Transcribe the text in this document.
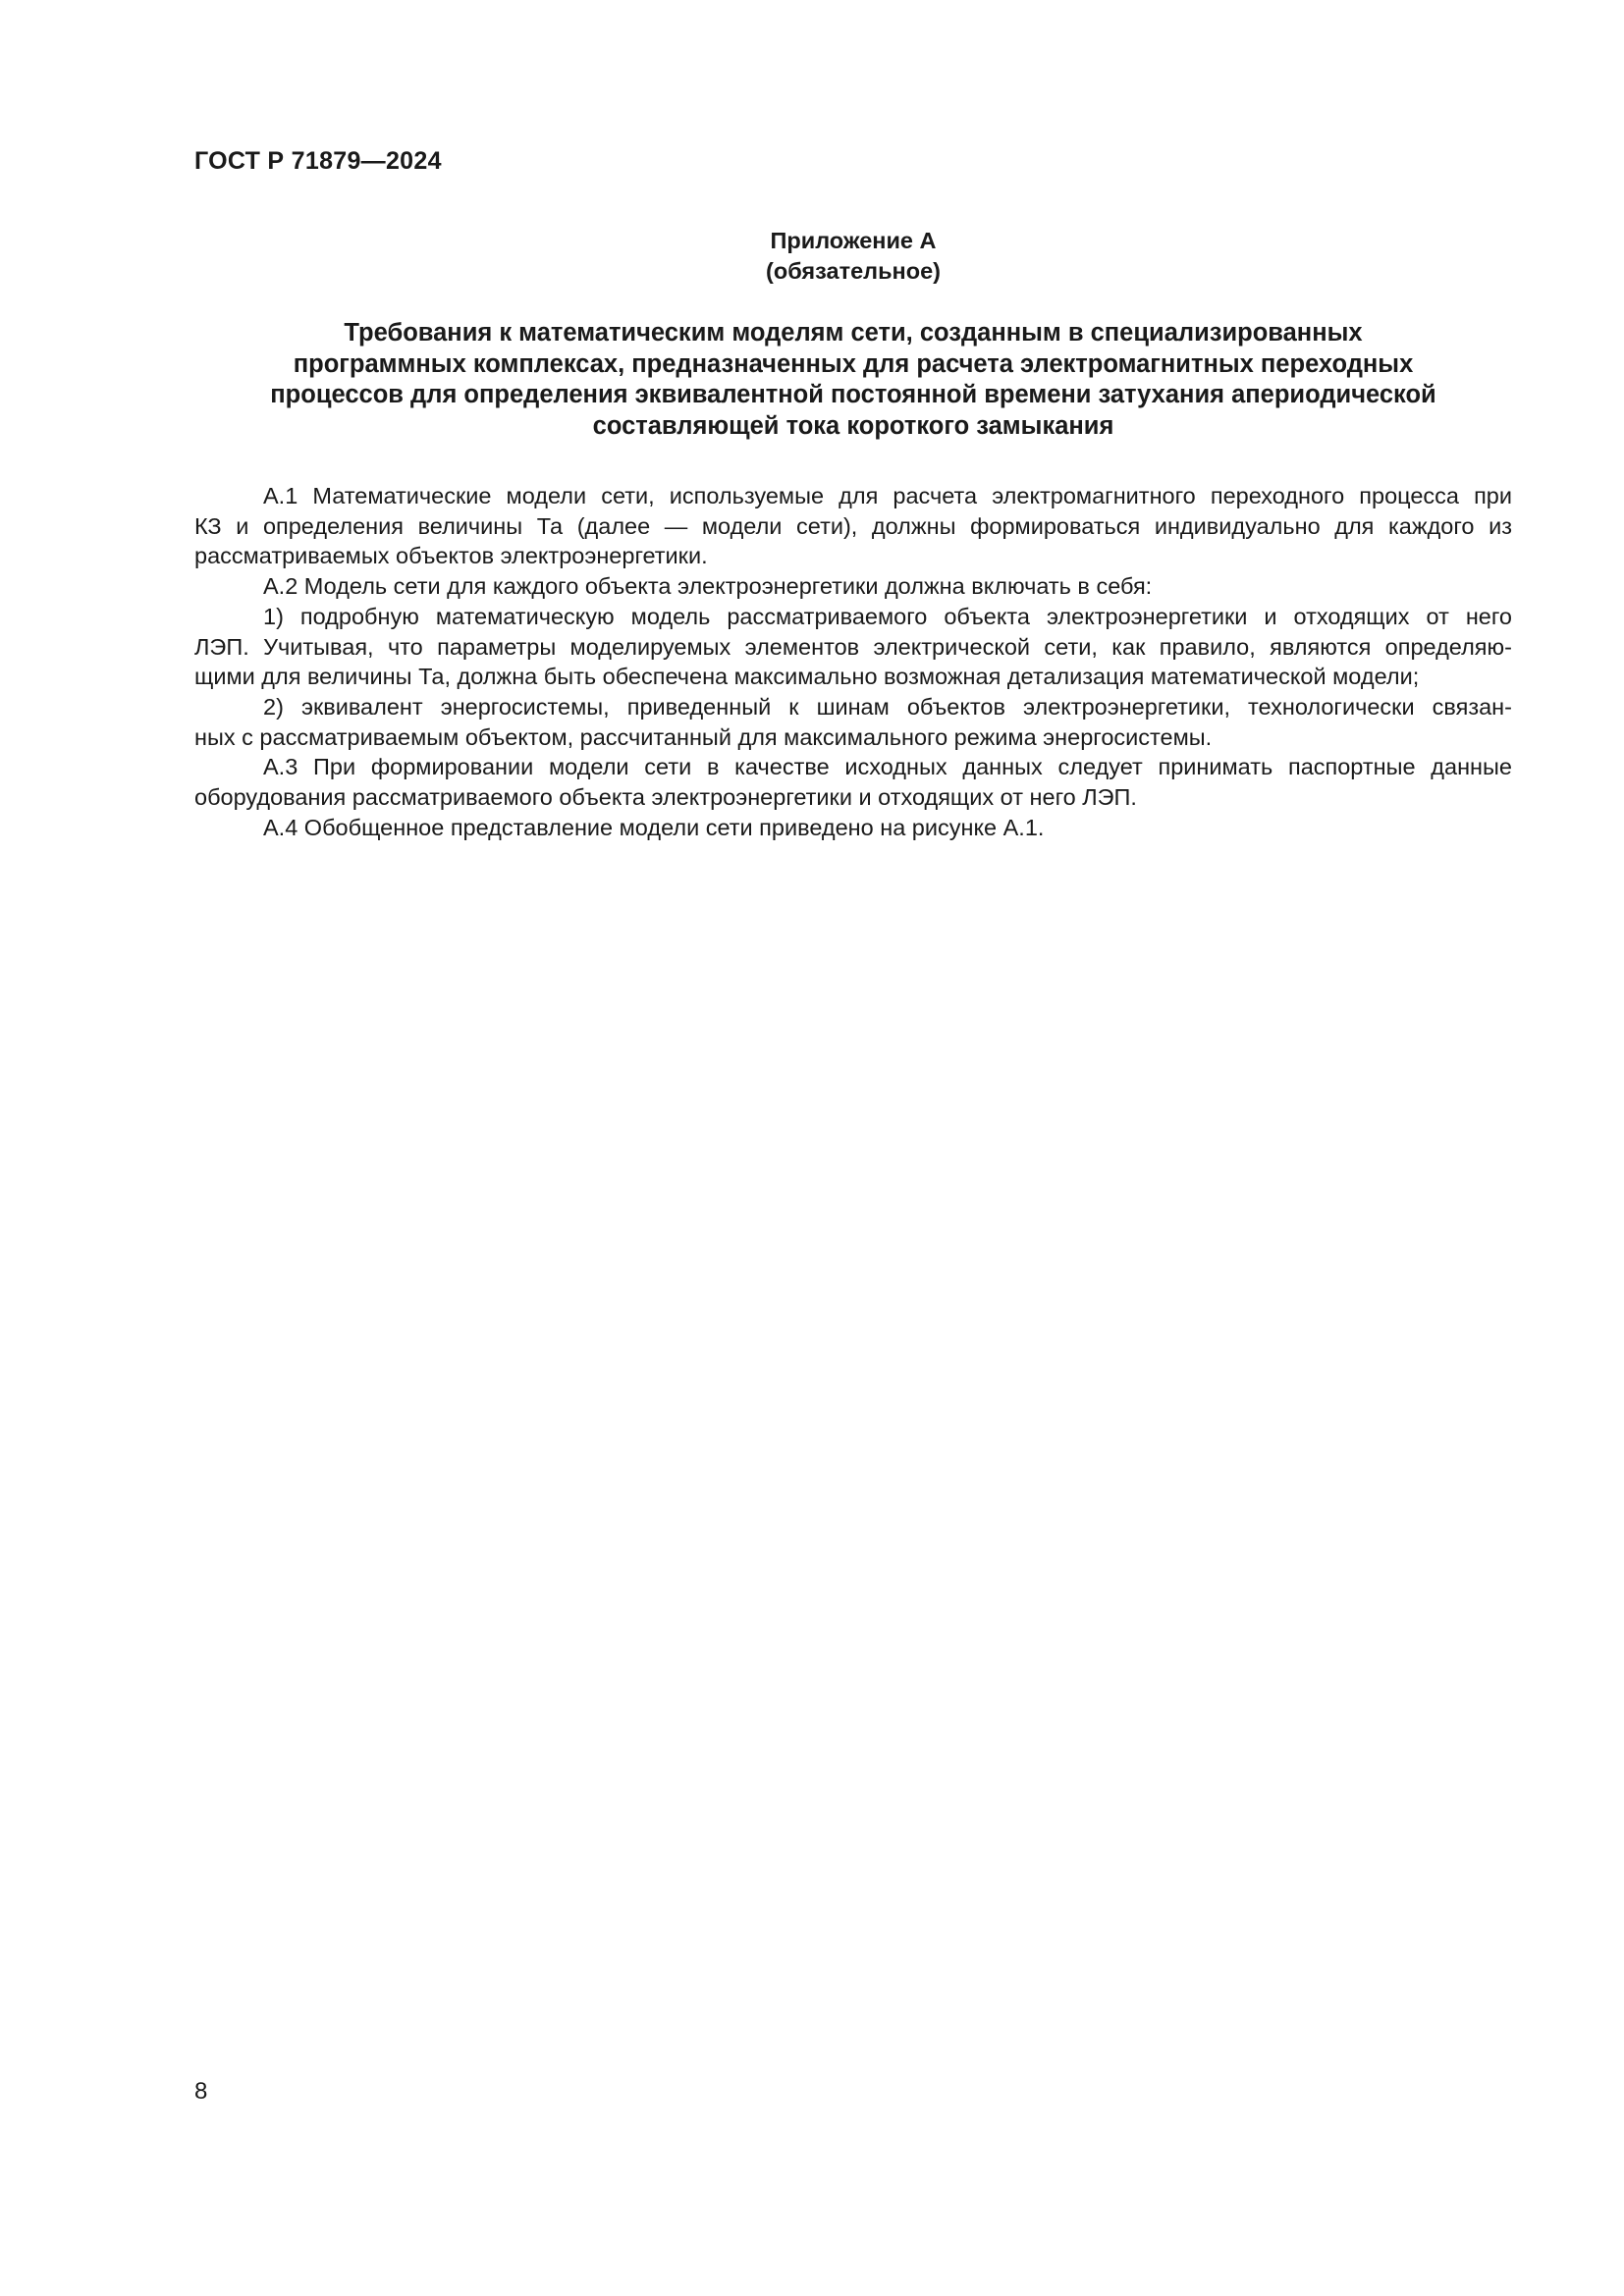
ГОСТ Р 71879—2024
Приложение А
(обязательное)
Требования к математическим моделям сети, созданным в специализированных
программных комплексах, предназначенных для расчета электромагнитных переходных
процессов для определения эквивалентной постоянной времени затухания апериодической
составляющей тока короткого замыкания

А.1 Математические модели сети, используемые для расчета электромагнитного переходного процесса при
КЗ и определения величины Та (далее — модели сети), должны формироваться индивидуально для каждого из
рассматриваемых объектов электроэнергетики.

А.2 Модель сети для каждого объекта электроэнергетики должна включать в себя:

1) подробную математическую модель рассматриваемого объекта электроэнергетики и отходящих от него
ЛЭП. Учитывая, что параметры моделируемых элементов электрической сети, как правило, являются определяю-
щими для величины Та, должна быть обеспечена максимально возможная детализация математической модели;

2) эквивалент энергосистемы, приведенный к шинам объектов электроэнергетики, технологически связан-
ных с рассматриваемым объектом, рассчитанный для максимального режима энергосистемы.

А.3 При формировании модели сети в качестве исходных данных следует принимать паспортные данные
оборудования рассматриваемого объекта электроэнергетики и отходящих от него ЛЭП.

А.4 Обобщенное представление модели сети приведено на рисунке А.1.

8
